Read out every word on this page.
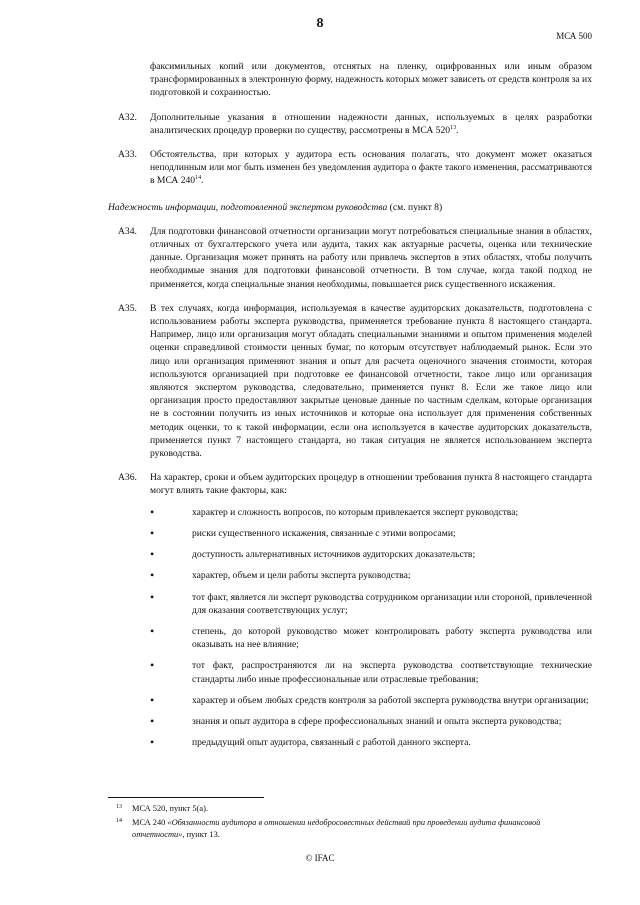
8
МСА 500
факсимильных копий или документов, отснятых на пленку, оцифрованных или иным образом трансформированных в электронную форму, надежность которых может зависеть от средств контроля за их подготовкой и сохранностью.
A32. Дополнительные указания в отношении надежности данных, используемых в целях разработки аналитических процедур проверки по существу, рассмотрены в МСА $520^{13}$.
A33. Обстоятельства, при которых у аудитора есть основания полагать, что документ может оказаться неподлинным или мог быть изменен без уведомления аудитора о факте такого изменения, рассматриваются в МСА $240^{14}$.
Надежность информации, подготовленной экспертом руководства (см. пункт 8)
A34. Для подготовки финансовой отчетности организации могут потребоваться специальные знания в областях, отличных от бухгалтерского учета или аудита, таких как актуарные расчеты, оценка или технические данные. Организация может принять на работу или привлечь экспертов в этих областях, чтобы получить необходимые знания для подготовки финансовой отчетности. В том случае, когда такой подход не применяется, когда специальные знания необходимы, повышается риск существенного искажения.
A35. В тех случаях, когда информация, используемая в качестве аудиторских доказательств, подготовлена с использованием работы эксперта руководства, применяется требование пункта 8 настоящего стандарта. Например, лицо или организация могут обладать специальными знаниями и опытом применения моделей оценки справедливой стоимости ценных бумаг, по которым отсутствует наблюдаемый рынок. Если это лицо или организация применяют знания и опыт для расчета оценочного значения стоимости, которая используются организацией при подготовке ее финансовой отчетности, такое лицо или организация являются экспертом руководства, следовательно, применяется пункт 8. Если же такое лицо или организация просто предоставляют закрытые ценовые данные по частным сделкам, которые организация не в состоянии получить из иных источников и которые она использует для применения собственных методик оценки, то к такой информации, если она используется в качестве аудиторских доказательств, применяется пункт 7 настоящего стандарта, но такая ситуация не является использованием эксперта руководства.
A36. На характер, сроки и объем аудиторских процедур в отношении требования пункта 8 настоящего стандарта могут влиять такие факторы, как:
• характер и сложность вопросов, по которым привлекается эксперт руководства;
• риски существенного искажения, связанные с этими вопросами;
• доступность альтернативных источников аудиторских доказательств;
• характер, объем и цели работы эксперта руководства;
• тот факт, является ли эксперт руководства сотрудником организации или стороной, привлеченной для оказания соответствующих услуг;
• степень, до которой руководство может контролировать работу эксперта руководства или оказывать на нее влияние;
• тот факт, распространяются ли на эксперта руководства соответствующие технические стандарты либо иные профессиональные или отраслевые требования;
• характер и объем любых средств контроля за работой эксперта руководства внутри организации;
• знания и опыт аудитора в сфере профессиональных знаний и опыта эксперта руководства;
• предыдущий опыт аудитора, связанный с работой данного эксперта.
13 МСА 520, пункт 5(а).
14 МСА 240 «Обязанности аудитора в отношении недобросовестных действий при проведении аудита финансовой отчетности», пункт 13.
© IFAC
